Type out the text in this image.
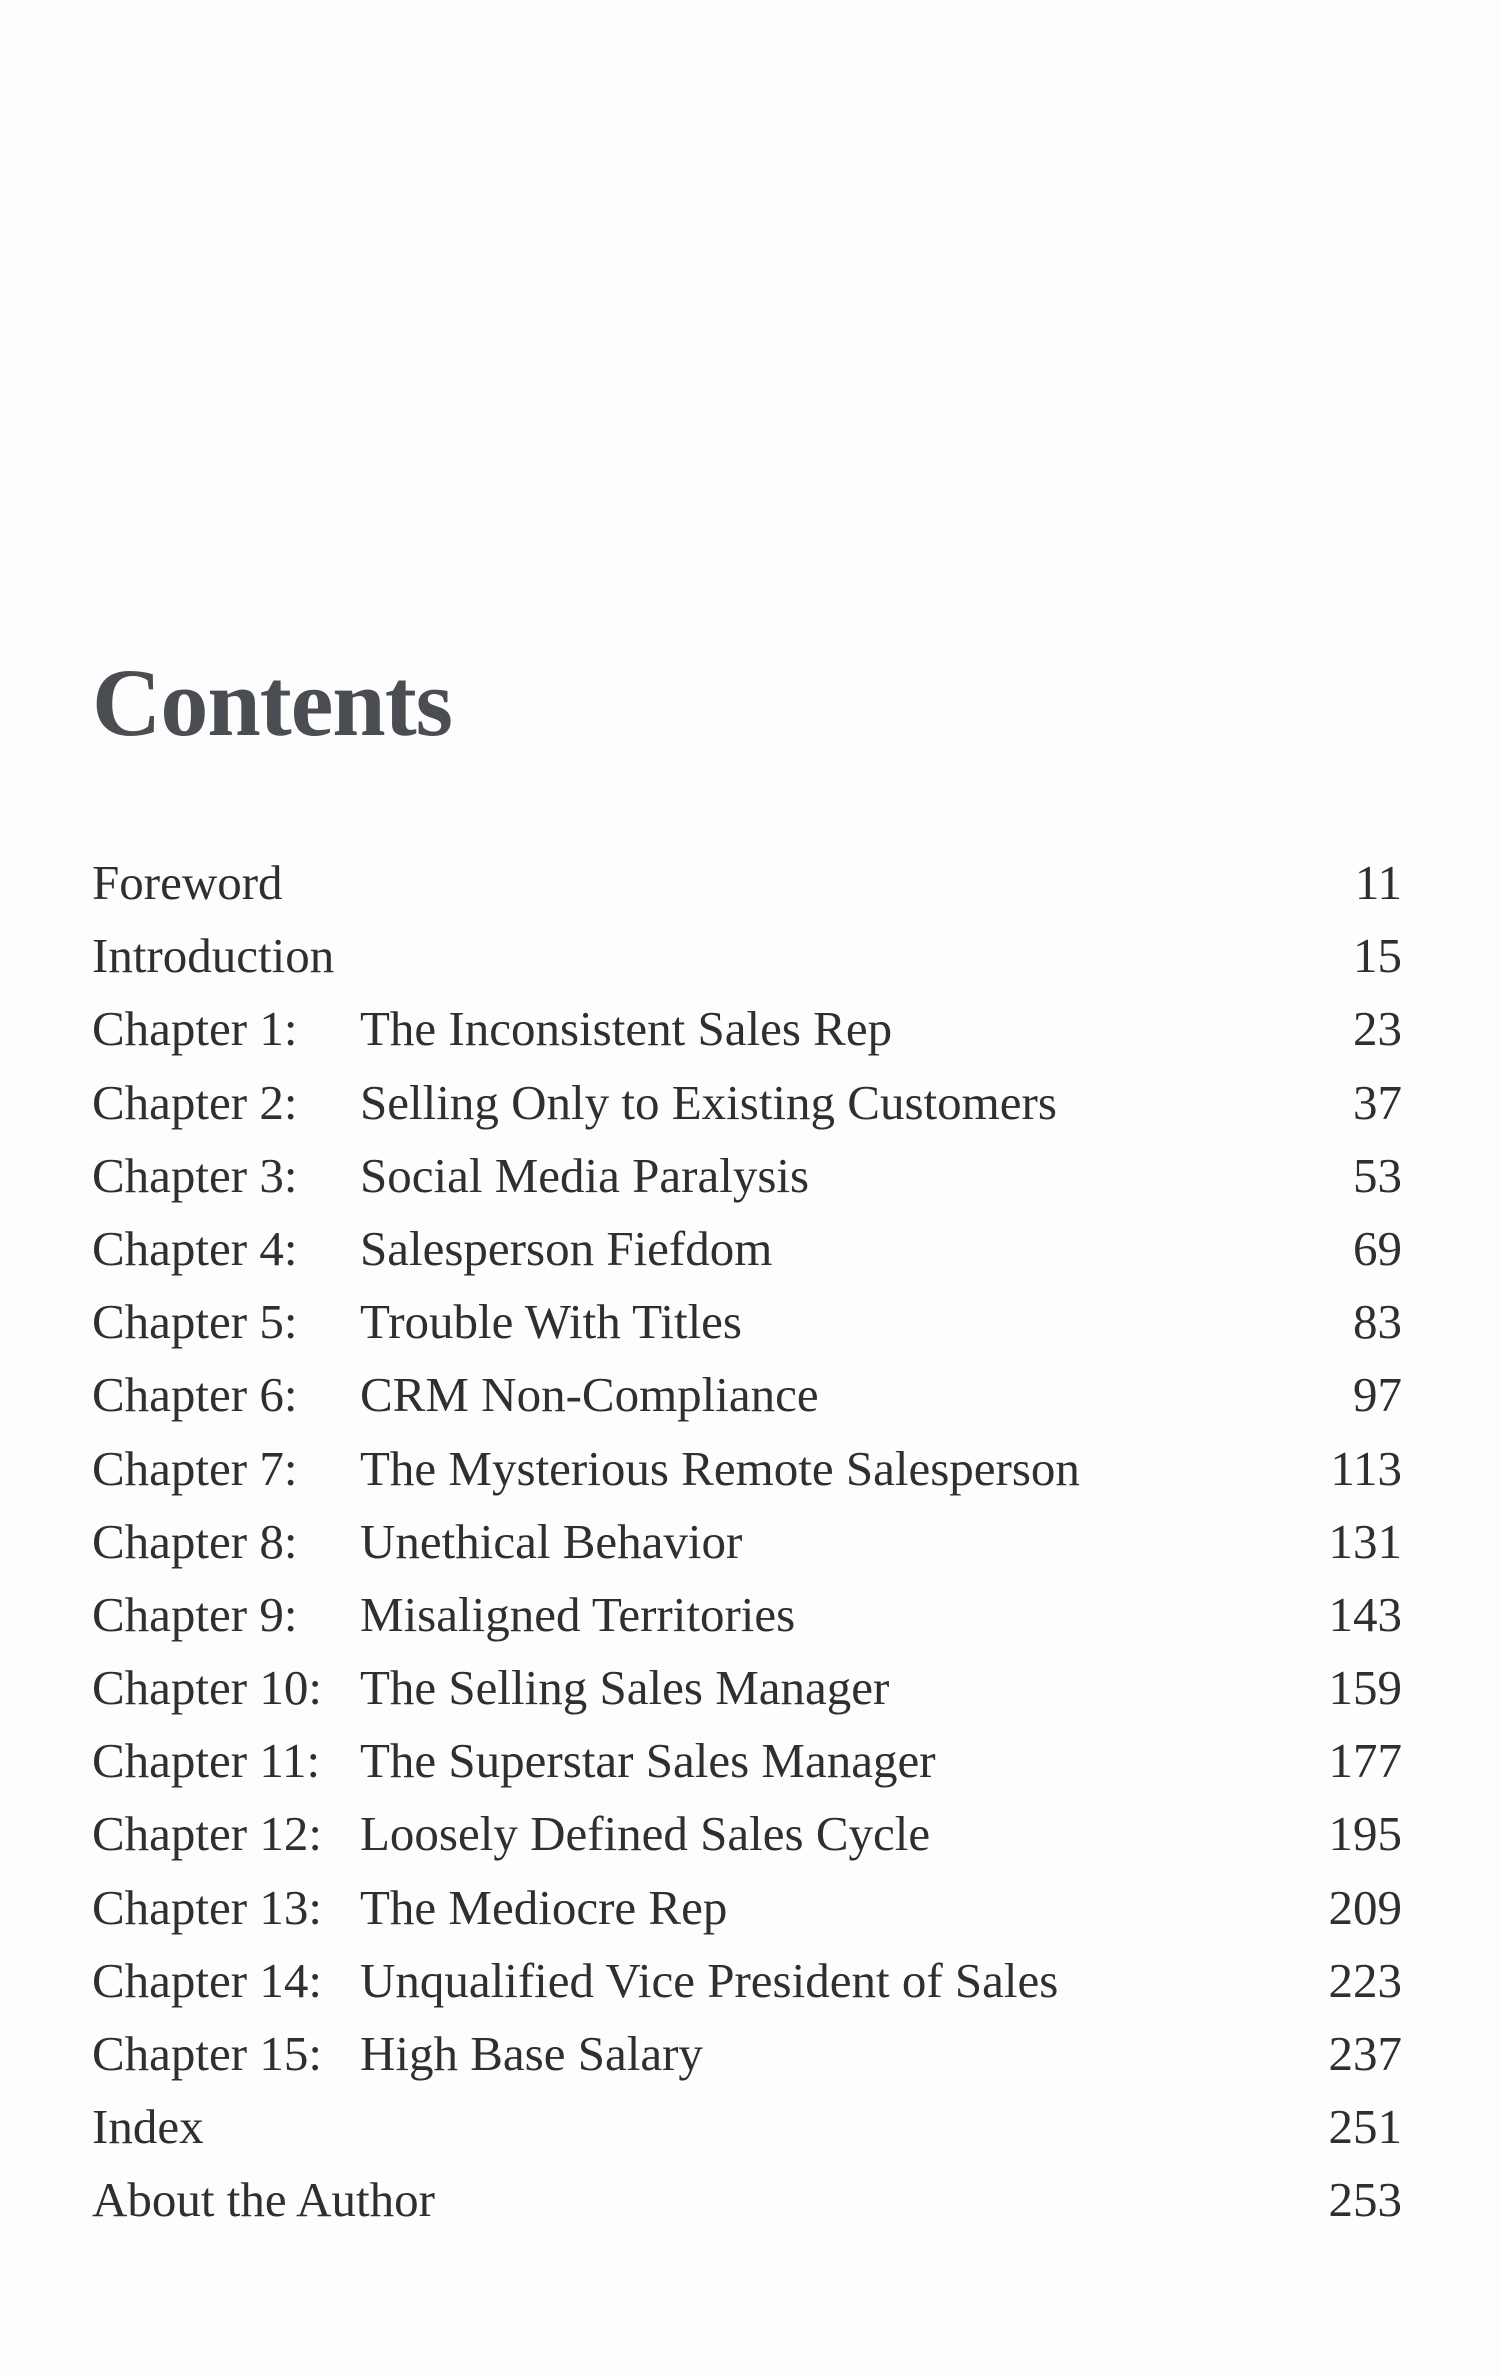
Contents
Foreword	11
Introduction	15
Chapter 1: The Inconsistent Sales Rep	23
Chapter 2: Selling Only to Existing Customers	37
Chapter 3: Social Media Paralysis	53
Chapter 4: Salesperson Fiefdom	69
Chapter 5: Trouble With Titles	83
Chapter 6: CRM Non-Compliance	97
Chapter 7: The Mysterious Remote Salesperson	113
Chapter 8: Unethical Behavior	131
Chapter 9: Misaligned Territories	143
Chapter 10: The Selling Sales Manager	159
Chapter 11: The Superstar Sales Manager	177
Chapter 12: Loosely Defined Sales Cycle	195
Chapter 13: The Mediocre Rep	209
Chapter 14: Unqualified Vice President of Sales	223
Chapter 15: High Base Salary	237
Index	251
About the Author	253
